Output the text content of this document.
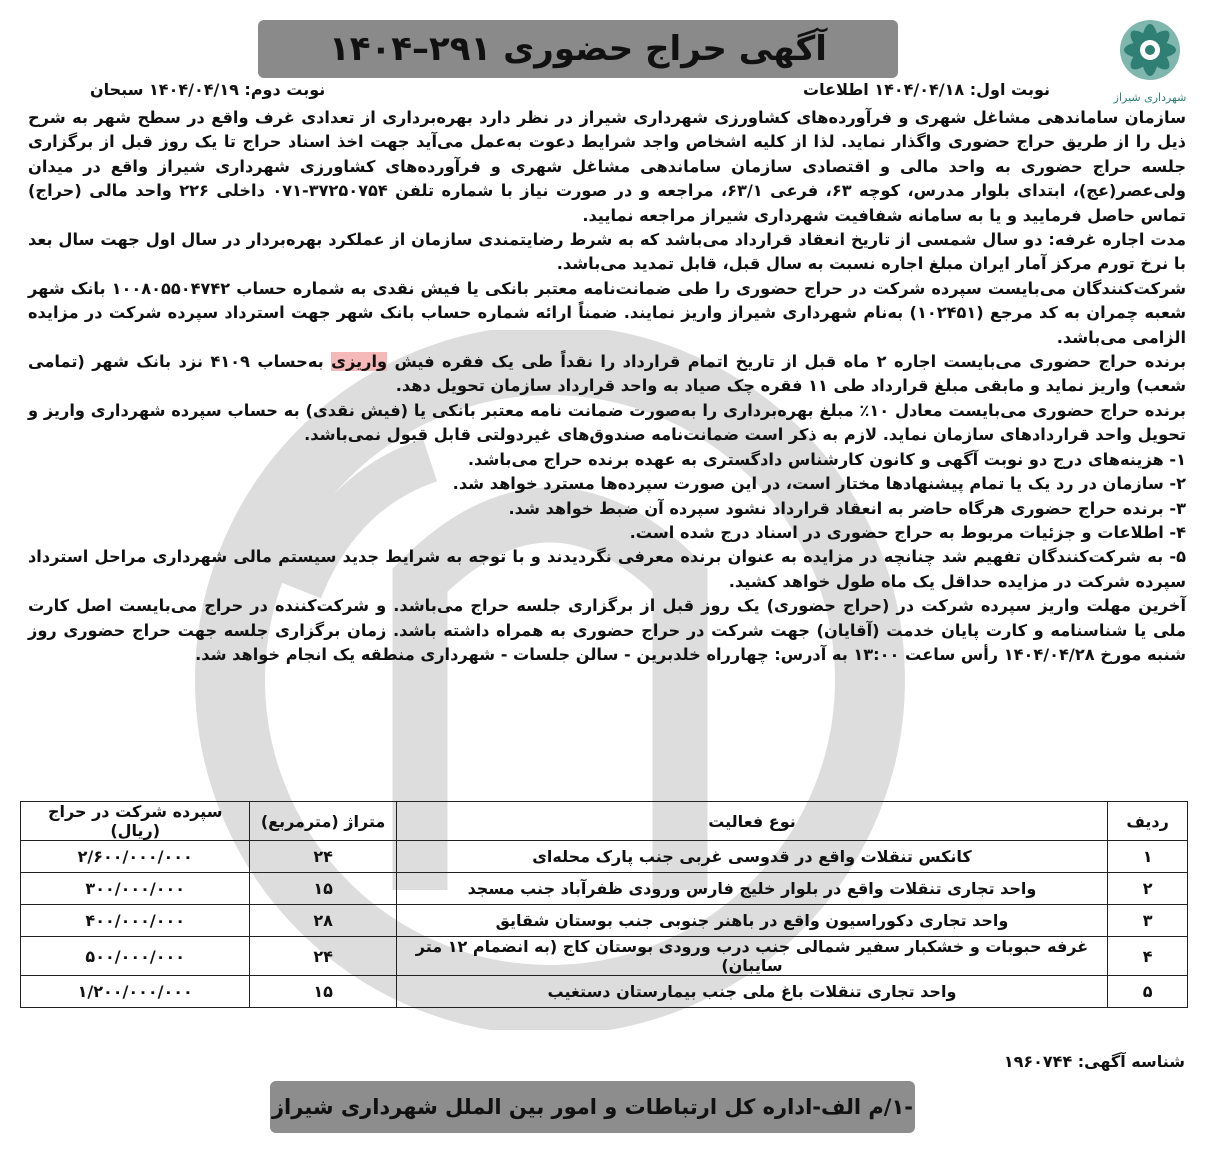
شهرداری شیراز
آگهی حراج حضوری ۲۹۱–۱۴۰۴
نوبت اول: ۱۴۰۴/۰۴/۱۸ اطلاعات
نوبت دوم: ۱۴۰۴/۰۴/۱۹ سبحان

سازمان ساماندهی مشاغل شهری و فرآورده‌های کشاورزی شهرداری شیراز در نظر دارد بهره‌برداری از تعدادی غرف واقع در سطح شهر به شرح ذیل را از طریق حراج حضوری واگذار نماید. لذا از کلیه اشخاص واجد شرایط دعوت به‌عمل می‌آید جهت اخذ اسناد حراج تا یک روز قبل از برگزاری جلسه حراج حضوری به واحد مالی و اقتصادی سازمان ساماندهی مشاغل شهری و فرآورده‌های کشاورزی شهرداری شیراز واقع در میدان ولی‌عصر(عج)، ابتدای بلوار مدرس، کوچه ۶۳، فرعی ۶۳/۱، مراجعه و در صورت نیاز با شماره تلفن ۳۷۲۵۰۷۵۴-۰۷۱ داخلی ۲۲۶ واحد مالی (حراج) تماس حاصل فرمایید و یا به سامانه شفافیت شهرداری شیراز مراجعه نمایید.

مدت اجاره غرفه: دو سال شمسی از تاریخ انعقاد قرارداد می‌باشد که به شرط رضایتمندی سازمان از عملکرد بهره‌بردار در سال اول جهت سال بعد با نرخ تورم مرکز آمار ایران مبلغ اجاره نسبت به سال قبل، قابل تمدید می‌باشد.

شرکت‌کنندگان می‌بایست سپرده شرکت در حراج حضوری را طی ضمانت‌نامه معتبر بانکی یا فیش نقدی به شماره حساب ۱۰۰۸۰۵۵۰۴۷۴۲ بانک شهر شعبه چمران به کد مرجع (۱۰۲۴۵۱) به‌نام شهرداری شیراز واریز نمایند. ضمناً ارائه شماره حساب بانک شهر جهت استرداد سپرده شرکت در مزایده الزامی می‌باشد.

برنده حراج حضوری می‌بایست اجاره ۲ ماه قبل از تاریخ اتمام قرارداد را نقداً طی یک فقره فیش واریزی به‌حساب ۴۱۰۹ نزد بانک شهر (تمامی شعب) واریز نماید و مابقی مبلغ قرارداد طی ۱۱ فقره چک صیاد به واحد قرارداد سازمان تحویل دهد.

برنده حراج حضوری می‌بایست معادل ۱۰٪ مبلغ بهره‌برداری را به‌صورت ضمانت نامه معتبر بانکی یا (فیش نقدی) به حساب سپرده شهرداری واریز و تحویل واحد قراردادهای سازمان نماید. لازم به ذکر است ضمانت‌نامه صندوق‌های غیردولتی قابل قبول نمی‌باشد.

۱- هزینه‌های درج دو نوبت آگهی و کانون کارشناس دادگستری به عهده برنده حراج می‌باشد.

۲- سازمان در رد یک یا تمام پیشنهادها مختار است، در این صورت سپرده‌ها مسترد خواهد شد.

۳- برنده حراج حضوری هرگاه حاضر به انعقاد قرارداد نشود سپرده آن ضبط خواهد شد.

۴- اطلاعات و جزئیات مربوط به حراج حضوری در اسناد درج شده است.

۵- به شرکت‌کنندگان تفهیم شد چنانچه در مزایده به عنوان برنده معرفی نگردیدند و با توجه به شرایط جدید سیستم مالی شهرداری مراحل استرداد سپرده شرکت در مزایده حداقل یک ماه طول خواهد کشید.

آخرین مهلت واریز سپرده شرکت در (حراج حضوری) یک روز قبل از برگزاری جلسه حراج می‌باشد. و شرکت‌کننده در حراج می‌بایست اصل کارت ملی یا شناسنامه و کارت پایان خدمت (آقایان) جهت شرکت در حراج حضوری به همراه داشته باشد. زمان برگزاری جلسه جهت حراج حضوری روز شنبه مورخ ۱۴۰۴/۰۴/۲۸ رأس ساعت ۱۳:۰۰ به آدرس: چهارراه خلدبرین - سالن جلسات - شهرداری منطقه یک انجام خواهد شد.

ردیف	نوع فعالیت	متراژ (مترمربع)	سپرده شرکت در حراج (ریال)
۱	کانکس تنقلات واقع در قدوسی غربی جنب پارک محله‌ای	۲۴	۲/۶۰۰/۰۰۰/۰۰۰
۲	واحد تجاری تنقلات واقع در بلوار خلیج فارس ورودی ظفرآباد جنب مسجد	۱۵	۳۰۰/۰۰۰/۰۰۰
۳	واحد تجاری دکوراسیون واقع در باهنر جنوبی جنب بوستان شقایق	۲۸	۴۰۰/۰۰۰/۰۰۰
۴	غرفه حبوبات و خشکبار سفیر شمالی جنب درب ورودی بوستان کاج (به انضمام ۱۲ متر سایبان)	۲۴	۵۰۰/۰۰۰/۰۰۰
۵	واحد تجاری تنقلات باغ ملی جنب بیمارستان دستغیب	۱۵	۱/۲۰۰/۰۰۰/۰۰۰
شناسه آگهی: ۱۹۶۰۷۴۴
-۱/م الف-اداره کل ارتباطات و امور بین الملل شهرداری شیراز
